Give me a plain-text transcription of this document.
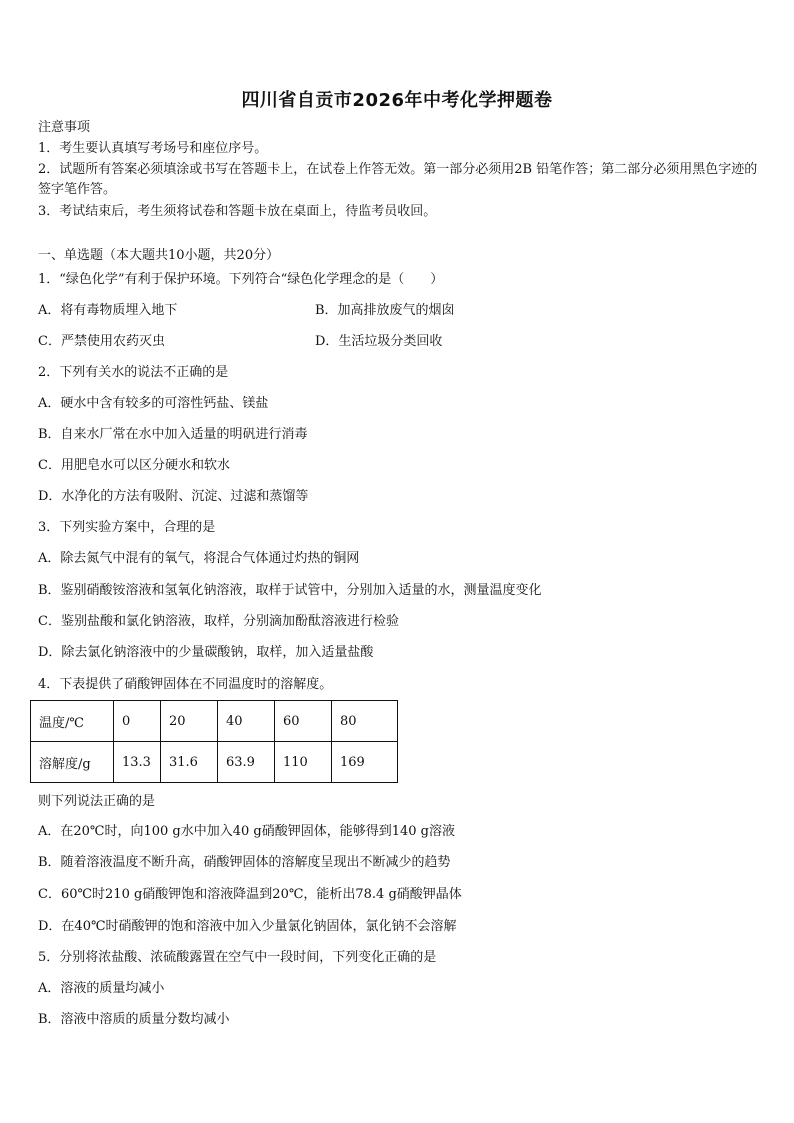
四川省自贡市2026年中考化学押题卷
注意事项
1．考生要认真填写考场号和座位序号。
2．试题所有答案必须填涂或书写在答题卡上，在试卷上作答无效。第一部分必须用2B 铅笔作答；第二部分必须用黑色字迹的签字笔作答。
3．考试结束后，考生须将试卷和答题卡放在桌面上，待监考员收回。
一、单选题（本大题共10小题，共20分）
1．“绿色化学”有利于保护环境。下列符合“绿色化学理念的是（　　）
A．将有毒物质埋入地下	B．加高排放废气的烟囱
C．严禁使用农药灭虫	D．生活垃圾分类回收
2．下列有关水的说法不正确的是
A．硬水中含有较多的可溶性钙盐、镁盐
B．自来水厂常在水中加入适量的明矾进行消毒
C．用肥皂水可以区分硬水和软水
D．水净化的方法有吸附、沉淀、过滤和蒸馏等
3．下列实验方案中，合理的是
A．除去氮气中混有的氧气，将混合气体通过灼热的铜网
B．鉴别硝酸铵溶液和氢氧化钠溶液，取样于试管中，分别加入适量的水，测量温度变化
C．鉴别盐酸和氯化钠溶液，取样，分别滴加酚酞溶液进行检验
D．除去氯化钠溶液中的少量碳酸钠，取样，加入适量盐酸
4．下表提供了硝酸钾固体在不同温度时的溶解度。
温度/℃	0	20	40	60	80
溶解度/g	13.3	31.6	63.9	110	169
则下列说法正确的是
A．在20℃时，向100 g水中加入40 g硝酸钾固体，能够得到140 g溶液
B．随着溶液温度不断升高，硝酸钾固体的溶解度呈现出不断减少的趋势
C．60℃时210 g硝酸钾饱和溶液降温到20℃，能析出78.4 g硝酸钾晶体
D．在40℃时硝酸钾的饱和溶液中加入少量氯化钠固体，氯化钠不会溶解
5．分别将浓盐酸、浓硫酸露置在空气中一段时间，下列变化正确的是
A．溶液的质量均减小
B．溶液中溶质的质量分数均减小
